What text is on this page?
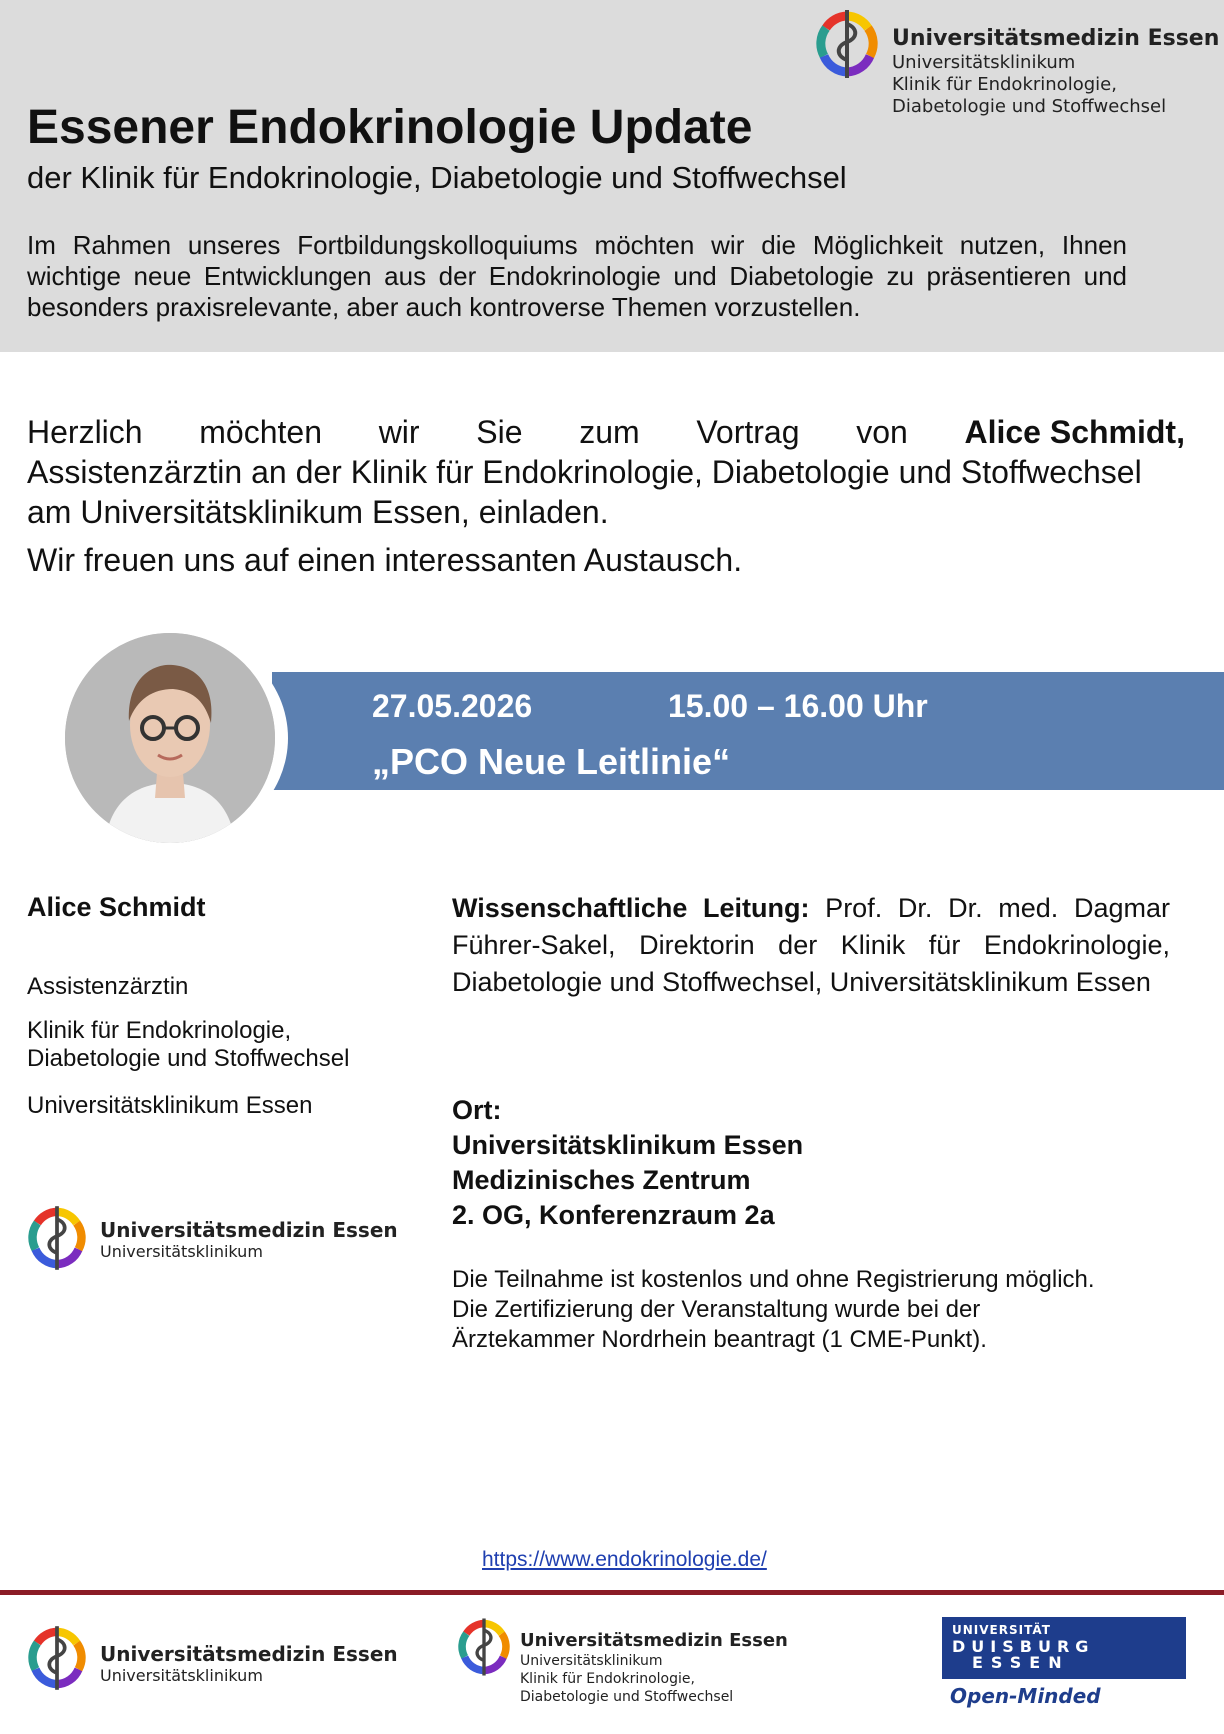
Essener Endokrinologie Update
der Klinik für Endokrinologie, Diabetologie und Stoffwechsel

Im Rahmen unseres Fortbildungskolloquiums möchten wir die Möglichkeit nutzen, Ihnen wichtige neue Entwicklungen aus der Endokrinologie und Diabetologie zu präsentieren und besonders praxisrelevante, aber auch kontroverse Themen vorzustellen.

Universitätsmedizin Essen
Universitätsklinikum
Klinik für Endokrinologie,
Diabetologie und Stoffwechsel
Herzlich möchten wir Sie zum Vortrag von Alice Schmidt,
Assistenzärztin an der Klinik für Endokrinologie, Diabetologie und Stoffwechsel
am Universitätsklinikum Essen, einladen.
Wir freuen uns auf einen interessanten Austausch.
27.05.2026	15.00 – 16.00 Uhr
„PCO Neue Leitlinie“
Alice Schmidt
Assistenzärztin
Klinik für Endokrinologie,
Diabetologie und Stoffwechsel
Universitätsklinikum Essen
Universitätsmedizin Essen
Universitätsklinikum

Wissenschaftliche Leitung: Prof. Dr. Dr. med. Dagmar Führer-Sakel, Direktorin der Klinik für Endokrinologie, Diabetologie und Stoffwechsel, Universitätsklinikum Essen

Ort:
Universitätsklinikum Essen
Medizinisches Zentrum
2. OG, Konferenzraum 2a
Die Teilnahme ist kostenlos und ohne Registrierung möglich.
Die Zertifizierung der Veranstaltung wurde bei der
Ärztekammer Nordrhein beantragt (1 CME-Punkt).
https://www.endokrinologie.de/
Universitätsmedizin Essen
Universitätsklinikum
Universitätsmedizin Essen
Universitätsklinikum
Klinik für Endokrinologie,
Diabetologie und Stoffwechsel
UNIVERSITÄT
DUISBURG
ESSEN
Open-Minded
